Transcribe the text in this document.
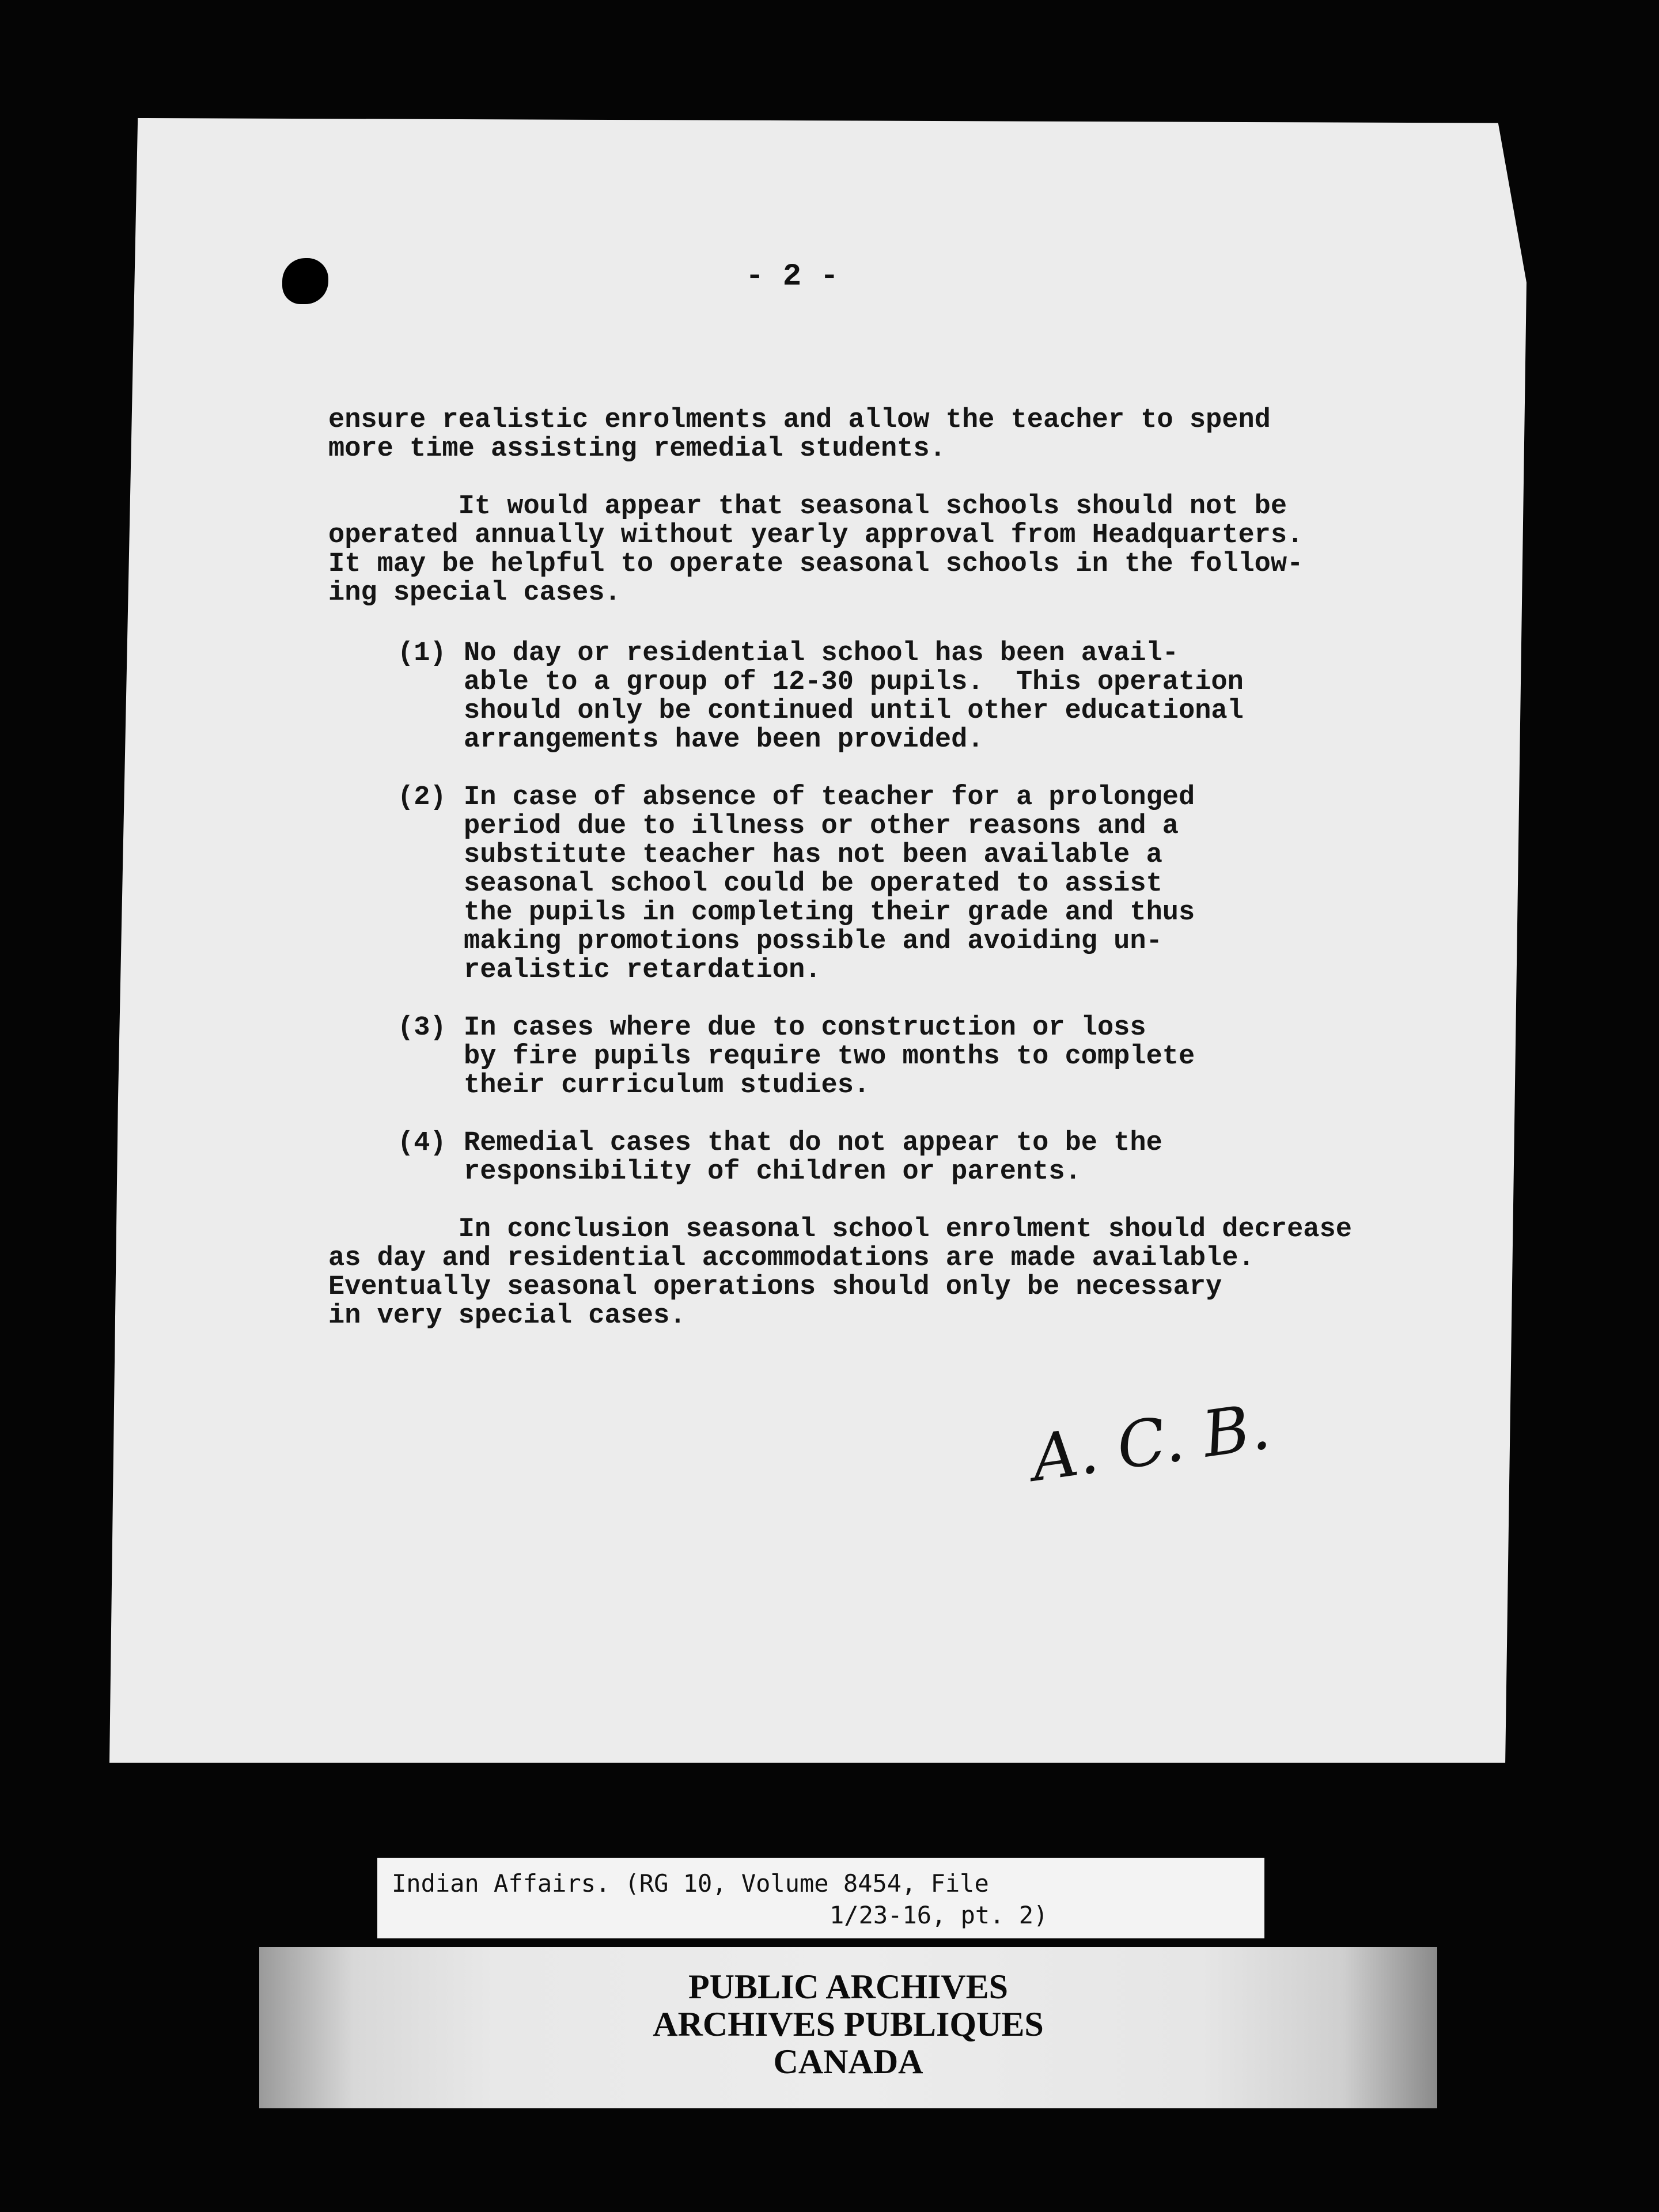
- 2 -

ensure realistic enrolments and allow the teacher to spend
more time assisting remedial students.

It would appear that seasonal schools should not be
operated annually without yearly approval from Headquarters.
It may be helpful to operate seasonal schools in the follow-
ing special cases.

(1) No day or residential school has been avail-
able to a group of 12-30 pupils.  This operation
should only be continued until other educational
arrangements have been provided.

(2) In case of absence of teacher for a prolonged
period due to illness or other reasons and a
substitute teacher has not been available a
seasonal school could be operated to assist
the pupils in completing their grade and thus
making promotions possible and avoiding un-
realistic retardation.

(3) In cases where due to construction or loss
by fire pupils require two months to complete
their curriculum studies.

(4) Remedial cases that do not appear to be the
responsibility of children or parents.

In conclusion seasonal school enrolment should decrease
as day and residential accommodations are made available.
Eventually seasonal operations should only be necessary
in very special cases.

A. C. B.
Indian Affairs. (RG 10, Volume 8454, File
1/23-16, pt. 2)
PUBLIC ARCHIVES
ARCHIVES PUBLIQUES
CANADA
